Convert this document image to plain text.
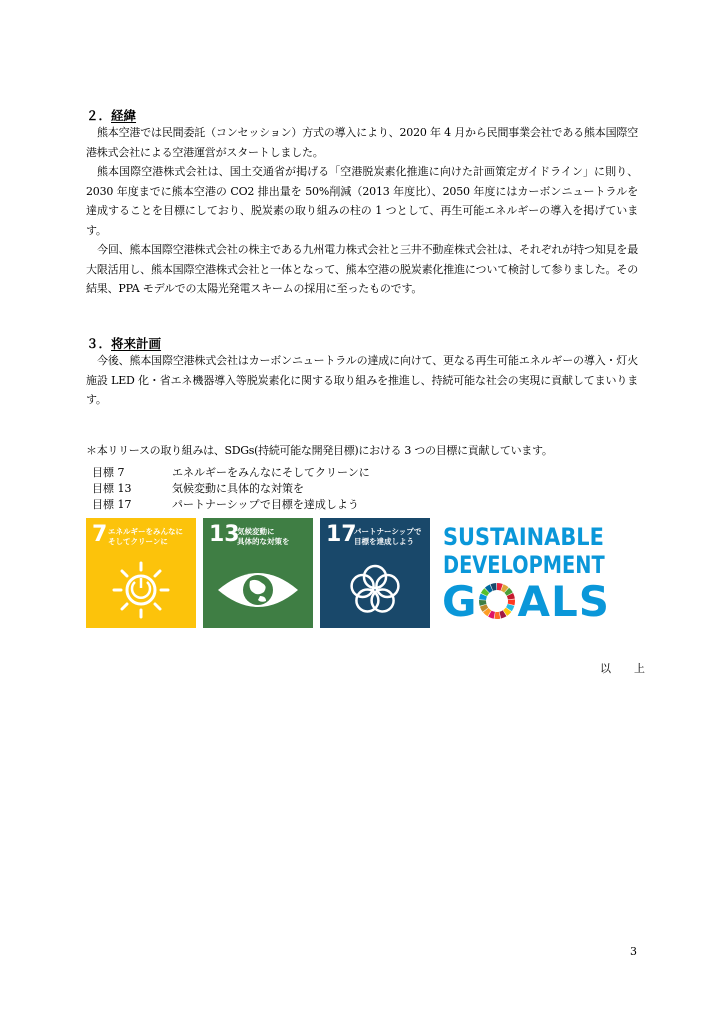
２．経緯

熊本空港では民間委託（コンセッション）方式の導入により、2020 年 4 月から民間事業会社である熊本国際空港株式会社による空港運営がスタートしました。

熊本国際空港株式会社は、国土交通省が掲げる「空港脱炭素化推進に向けた計画策定ガイドライン」に則り、2030 年度までに熊本空港の CO2 排出量を 50%削減（2013 年度比）、2050 年度にはカーボンニュートラルを達成することを目標にしており、脱炭素の取り組みの柱の 1 つとして、再生可能エネルギーの導入を掲げています。

今回、熊本国際空港株式会社の株主である九州電力株式会社と三井不動産株式会社は、それぞれが持つ知見を最大限活用し、熊本国際空港株式会社と一体となって、熊本空港の脱炭素化推進について検討して参りました。その結果、PPA モデルでの太陽光発電スキームの採用に至ったものです。

３．将来計画

今後、熊本国際空港株式会社はカーボンニュートラルの達成に向けて、更なる再生可能エネルギーの導入・灯火施設 LED 化・省エネ機器導入等脱炭素化に関する取り組みを推進し、持続可能な社会の実現に貢献してまいります。

＊本リリースの取り組みは、SDGs(持続可能な開発目標)における 3 つの目標に貢献しています。
目標 7	エネルギーをみんなにそしてクリーンに
目標 13	気候変動に具体的な対策を
目標 17	パートナーシップで目標を達成しよう
7 エネルギーをみんなに
そしてクリーンに	13
気候変動に
具体的な対策を 17
パートナーシップで
目標を達成しよう	SUSTAINABLE
DEVELOPMENT
G ALS
以　上
3
